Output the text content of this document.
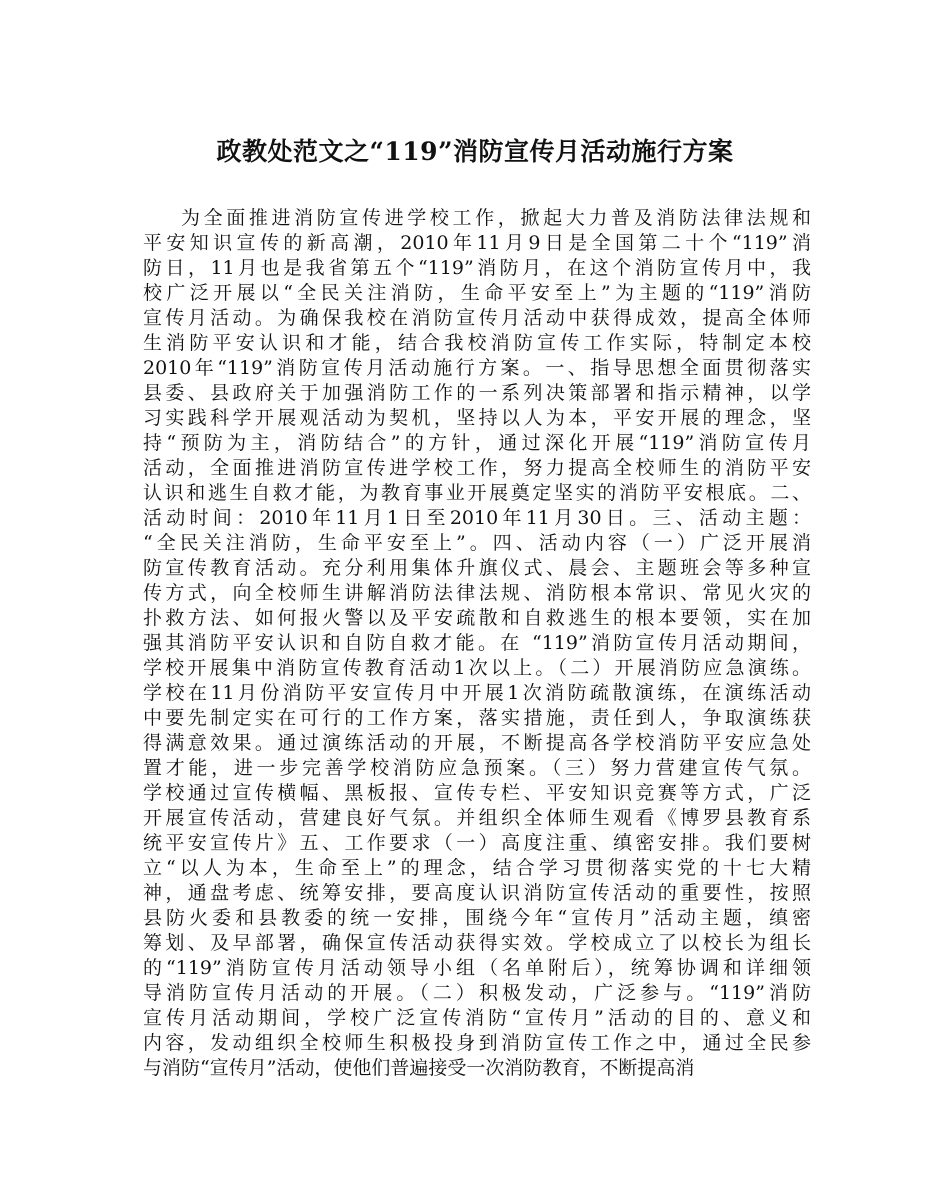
政教处范文之“119”消防宣传月活动施行方案
为全面推进消防宣传进学校工作，掀起大力普及消防法律法规和
平安知识宣传的新高潮，2010年11月9日是全国第二十个“119”消
防日，11月也是我省第五个“119”消防月，在这个消防宣传月中，我
校广泛开展以“全民关注消防，生命平安至上”为主题的“119”消防
宣传月活动。为确保我校在消防宣传月活动中获得成效，提高全体师
生消防平安认识和才能，结合我校消防宣传工作实际，特制定本校
2010年“119”消防宣传月活动施行方案。一、指导思想全面贯彻落实
县委、县政府关于加强消防工作的一系列决策部署和指示精神，以学
习实践科学开展观活动为契机，坚持以人为本，平安开展的理念，坚
持“预防为主，消防结合”的方针，通过深化开展“119”消防宣传月
活动，全面推进消防宣传进学校工作，努力提高全校师生的消防平安
认识和逃生自救才能，为教育事业开展奠定坚实的消防平安根底。二、
活动时间：2010年11月1日至2010年11月30日。三、活动主题：
“全民关注消防，生命平安至上”。四、活动内容（一）广泛开展消
防宣传教育活动。充分利用集体升旗仪式、晨会、主题班会等多种宣
传方式，向全校师生讲解消防法律法规、消防根本常识、常见火灾的
扑救方法、如何报火警以及平安疏散和自救逃生的根本要领，实在加
强其消防平安认识和自防自救才能。在 “119”消防宣传月活动期间，
学校开展集中消防宣传教育活动1次以上。（二）开展消防应急演练。
学校在11月份消防平安宣传月中开展1次消防疏散演练，在演练活动
中要先制定实在可行的工作方案，落实措施，责任到人，争取演练获
得满意效果。通过演练活动的开展，不断提高各学校消防平安应急处
置才能，进一步完善学校消防应急预案。（三）努力营建宣传气氛。
学校通过宣传横幅、黑板报、宣传专栏、平安知识竞赛等方式，广泛
开展宣传活动，营建良好气氛。并组织全体师生观看《博罗县教育系
统平安宣传片》五、工作要求（一）高度注重、缜密安排。我们要树
立“以人为本，生命至上”的理念，结合学习贯彻落实党的十七大精
神，通盘考虑、统筹安排，要高度认识消防宣传活动的重要性，按照
县防火委和县教委的统一安排，围绕今年“宣传月”活动主题，缜密
筹划、及早部署，确保宣传活动获得实效。学校成立了以校长为组长
的“119”消防宣传月活动领导小组（名单附后），统筹协调和详细领
导消防宣传月活动的开展。（二）积极发动，广泛参与。“119”消防
宣传月活动期间，学校广泛宣传消防“宣传月”活动的目的、意义和
内容，发动组织全校师生积极投身到消防宣传工作之中，通过全民参
与消防“宣传月”活动，使他们普遍接受一次消防教育，不断提高消
